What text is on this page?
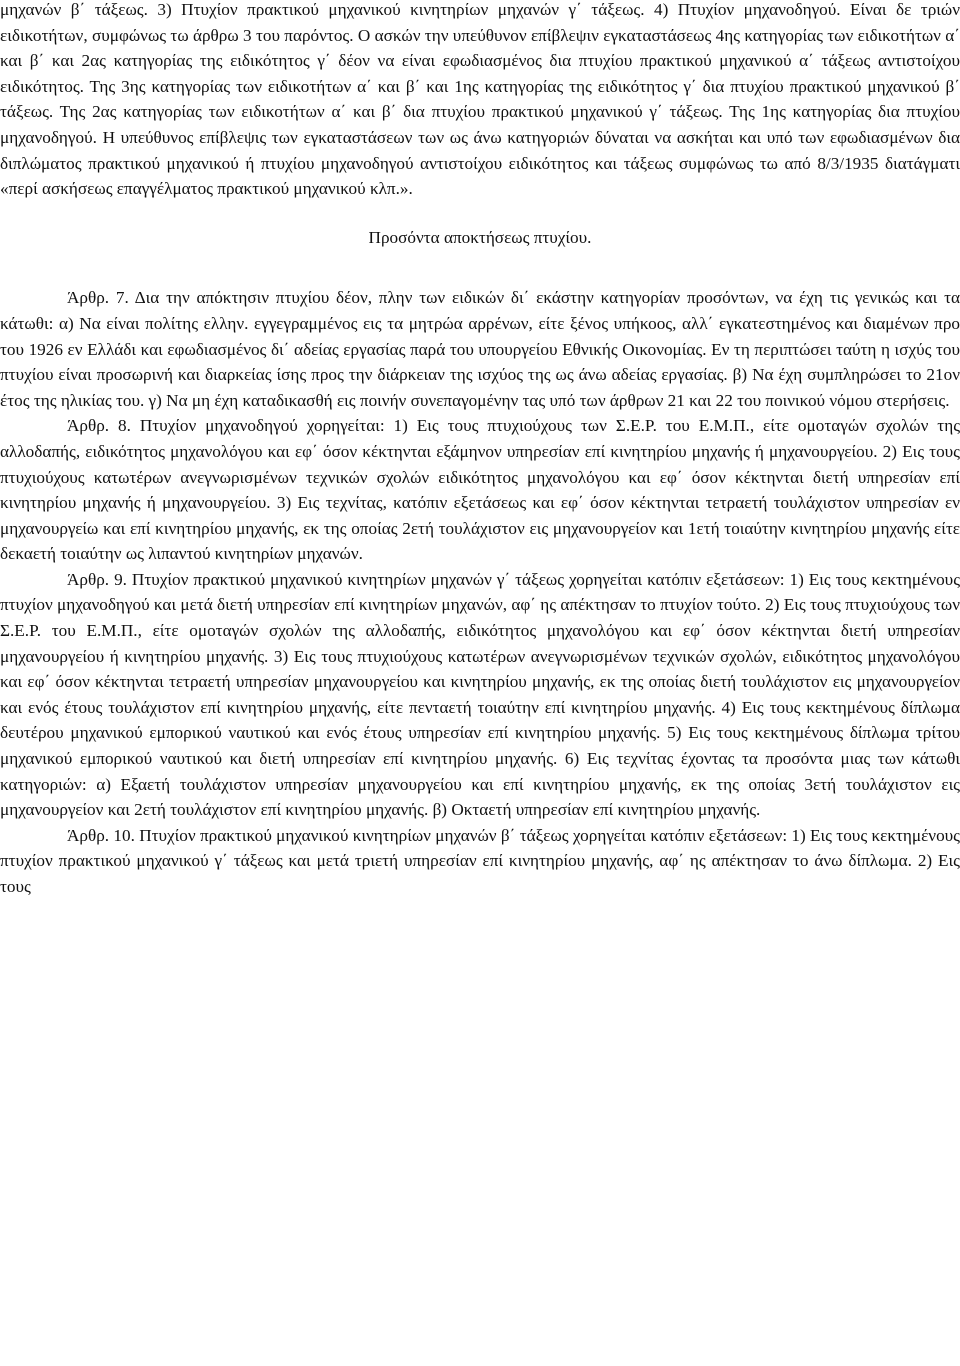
μηχανών β΄ τάξεως. 3) Πτυχίον πρακτικού μηχανικού κινητηρίων μηχανών γ΄ τάξεως. 4) Πτυχίον μηχανοδηγού. Είναι δε τριών ειδικοτήτων, συμφώνως τω άρθρω 3 του παρόντος. Ο ασκών την υπεύθυνον επίβλεψιν εγκαταστάσεως 4ης κατηγορίας των ειδικοτήτων α΄ και β΄ και 2ας κατηγορίας της ειδικότητος γ΄ δέον να είναι εφωδιασμένος δια πτυχίου πρακτικού μηχανικού α΄ τάξεως αντιστοίχου ειδικότητος. Της 3ης κατηγορίας των ειδικοτήτων α΄ και β΄ και 1ης κατηγορίας της ειδικότητος γ΄ δια πτυχίου πρακτικού μηχανικού β΄ τάξεως. Της 2ας κατηγορίας των ειδικοτήτων α΄ και β΄ δια πτυχίου πρακτικού μηχανικού γ΄ τάξεως. Της 1ης κατηγορίας δια πτυχίου μηχανοδηγού. Η υπεύθυνος επίβλεψις των εγκαταστάσεων των ως άνω κατηγοριών δύναται να ασκήται και υπό των εφωδιασμένων δια διπλώματος πρακτικού μηχανικού ή πτυχίου μηχανοδηγού αντιστοίχου ειδικότητος και τάξεως συμφώνως τω από 8/3/1935 διατάγματι «περί ασκήσεως επαγγέλματος πρακτικού μηχανικού κλπ.».

Προσόντα αποκτήσεως πτυχίου.

Άρθρ. 7. Δια την απόκτησιν πτυχίου δέον, πλην των ειδικών δι΄ εκάστην κατηγορίαν προσόντων, να έχη τις γενικώς και τα κάτωθι: α) Να είναι πολίτης ελλην. εγγεγραμμένος εις τα μητρώα αρρένων, είτε ξένος υπήκοος, αλλ΄ εγκατεστημένος και διαμένων προ του 1926 εν Ελλάδι και εφωδιασμένος δι΄ αδείας εργασίας παρά του υπουργείου Εθνικής Οικονομίας. Εν τη περιπτώσει ταύτη η ισχύς του πτυχίου είναι προσωρινή και διαρκείας ίσης προς την διάρκειαν της ισχύος της ως άνω αδείας εργασίας. β) Να έχη συμπληρώσει το 21ον έτος της ηλικίας του. γ) Να μη έχη καταδικασθή εις ποινήν συνεπαγομένην τας υπό των άρθρων 21 και 22 του ποινικού νόμου στερήσεις.

Άρθρ. 8. Πτυχίον μηχανοδηγού χορηγείται: 1) Εις τους πτυχιούχους των Σ.Ε.Ρ. του Ε.Μ.Π., είτε ομοταγών σχολών της αλλοδαπής, ειδικότητος μηχανολόγου και εφ΄ όσον κέκτηνται εξάμηνον υπηρεσίαν επί κινητηρίου μηχανής ή μηχανουργείου. 2) Εις τους πτυχιούχους κατωτέρων ανεγνωρισμένων τεχνικών σχολών ειδικότητος μηχανολόγου και εφ΄ όσον κέκτηνται διετή υπηρεσίαν επί κινητηρίου μηχανής ή μηχανουργείου. 3) Εις τεχνίτας, κατόπιν εξετάσεως και εφ΄ όσον κέκτηνται τετραετή τουλάχιστον υπηρεσίαν εν μηχανουργείω και επί κινητηρίου μηχανής, εκ της οποίας 2ετή τουλάχιστον εις μηχανουργείον και 1ετή τοιαύτην κινητηρίου μηχανής είτε δεκαετή τοιαύτην ως λιπαντού κινητηρίων μηχανών.

Άρθρ. 9. Πτυχίον πρακτικού μηχανικού κινητηρίων μηχανών γ΄ τάξεως χορηγείται κατόπιν εξετάσεων: 1) Εις τους κεκτημένους πτυχίον μηχανοδηγού και μετά διετή υπηρεσίαν επί κινητηρίων μηχανών, αφ΄ ης απέκτησαν το πτυχίον τούτο. 2) Εις τους πτυχιούχους των Σ.Ε.Ρ. του Ε.Μ.Π., είτε ομοταγών σχολών της αλλοδαπής, ειδικότητος μηχανολόγου και εφ΄ όσον κέκτηνται διετή υπηρεσίαν μηχανουργείου ή κινητηρίου μηχανής. 3) Εις τους πτυχιούχους κατωτέρων ανεγνωρισμένων τεχνικών σχολών, ειδικότητος μηχανολόγου και εφ΄ όσον κέκτηνται τετραετή υπηρεσίαν μηχανουργείου και κινητηρίου μηχανής, εκ της οποίας διετή τουλάχιστον εις μηχανουργείον και ενός έτους τουλάχιστον επί κινητηρίου μηχανής, είτε πενταετή τοιαύτην επί κινητηρίου μηχανής. 4) Εις τους κεκτημένους δίπλωμα δευτέρου μηχανικού εμπορικού ναυτικού και ενός έτους υπηρεσίαν επί κινητηρίου μηχανής. 5) Εις τους κεκτημένους δίπλωμα τρίτου μηχανικού εμπορικού ναυτικού και διετή υπηρεσίαν επί κινητηρίου μηχανής. 6) Εις τεχνίτας έχοντας τα προσόντα μιας των κάτωθι κατηγοριών: α) Εξαετή τουλάχιστον υπηρεσίαν μηχανουργείου και επί κινητηρίου μηχανής, εκ της οποίας 3ετή τουλάχιστον εις μηχανουργείον και 2ετή τουλάχιστον επί κινητηρίου μηχανής. β) Οκταετή υπηρεσίαν επί κινητηρίου μηχανής.

Άρθρ. 10. Πτυχίον πρακτικού μηχανικού κινητηρίων μηχανών β΄ τάξεως χορηγείται κατόπιν εξετάσεων: 1) Εις τους κεκτημένους πτυχίον πρακτικού μηχανικού γ΄ τάξεως και μετά τριετή υπηρεσίαν επί κινητηρίου μηχανής, αφ΄ ης απέκτησαν το άνω δίπλωμα. 2) Εις τους
